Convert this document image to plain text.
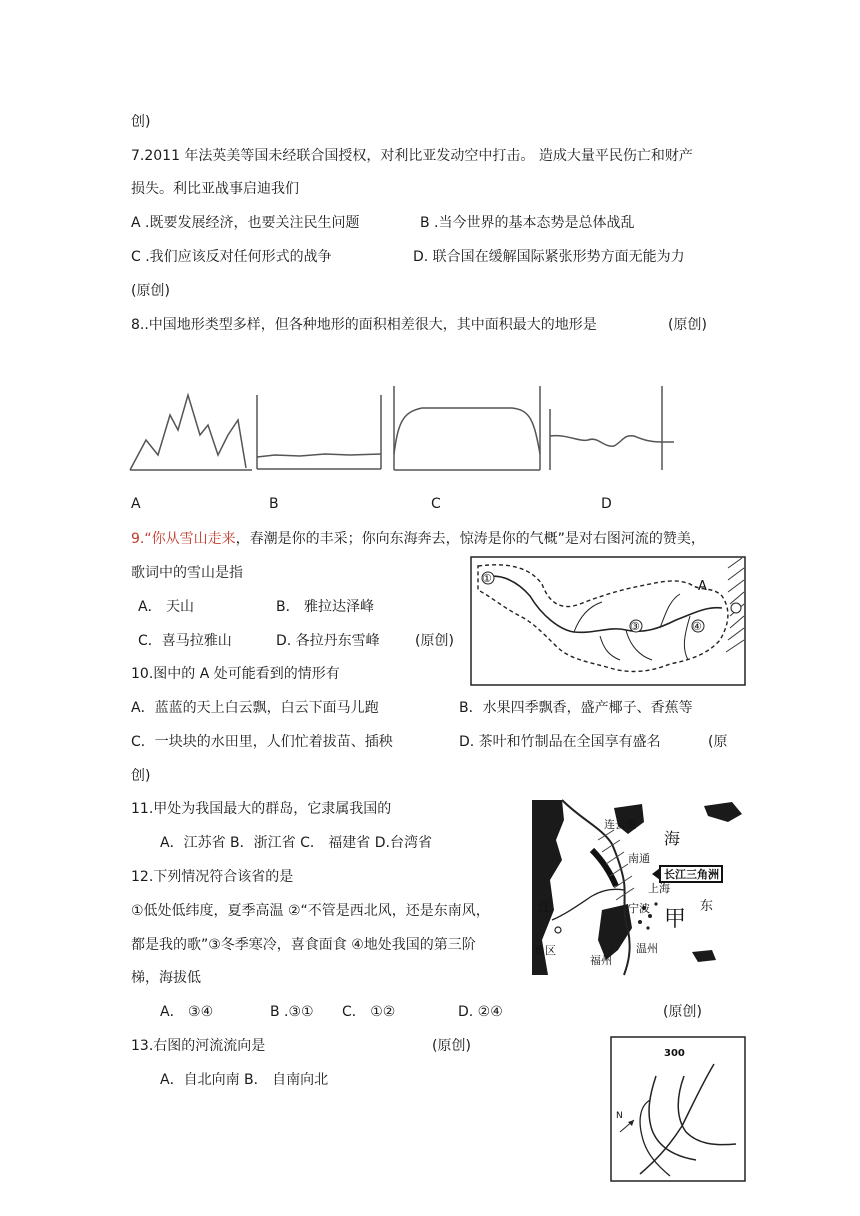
创)
7.2011 年法英美等国未经联合国授权，对利比亚发动空中打击。 造成大量平民伤亡和财产
损失。利比亚战事启迪我们
A .既要发展经济，也要关注民生问题	B .当今世界的基本态势是总体战乱
C .我们应该反对任何形式的战争	D. 联合国在缓解国际紧张形势方面无能为力
(原创)
8..中国地形类型多样，但各种地形的面积相差很大，其中面积最大的地形是	(原创)
A	B	C	D
9.“你从雪山走来，春潮是你的丰采；你向东海奔去，惊涛是你的气概”是对右图河流的赞美，
歌词中的雪山是指
A． 天山	B． 雅拉达泽峰
C．喜马拉雅山	D. 各拉丹东雪峰	(原创)
①
③	④
A
10.图中的 A 处可能看到的情形有
A．蓝蓝的天上白云飘，白云下面马儿跑	B．水果四季飘香，盛产椰子、香蕉等
C．一块块的水田里，人们忙着拔苗、插秧	D. 茶叶和竹制品在全国享有盛名	(原
创)
11.甲处为我国最大的群岛，它隶属我国的
A．江苏省 B．浙江省 C． 福建省 D.台湾省
12.下列情况符合该省的是
①低处低纬度，夏季高温 ②“不管是西北风，还是东南风，
都是我的歌”③冬季寒冷，喜食面食 ④地处我国的第三阶
梯，海拔低
A． ③④	B .③① C． ①②	D. ②④	(原创)
连云港
海
南通
长江三角洲
上海
东
江	宁波 甲
温州
福州
角区
13.右图的河流流向是	(原创)
A．自北向南 B． 自南向北
300
N
